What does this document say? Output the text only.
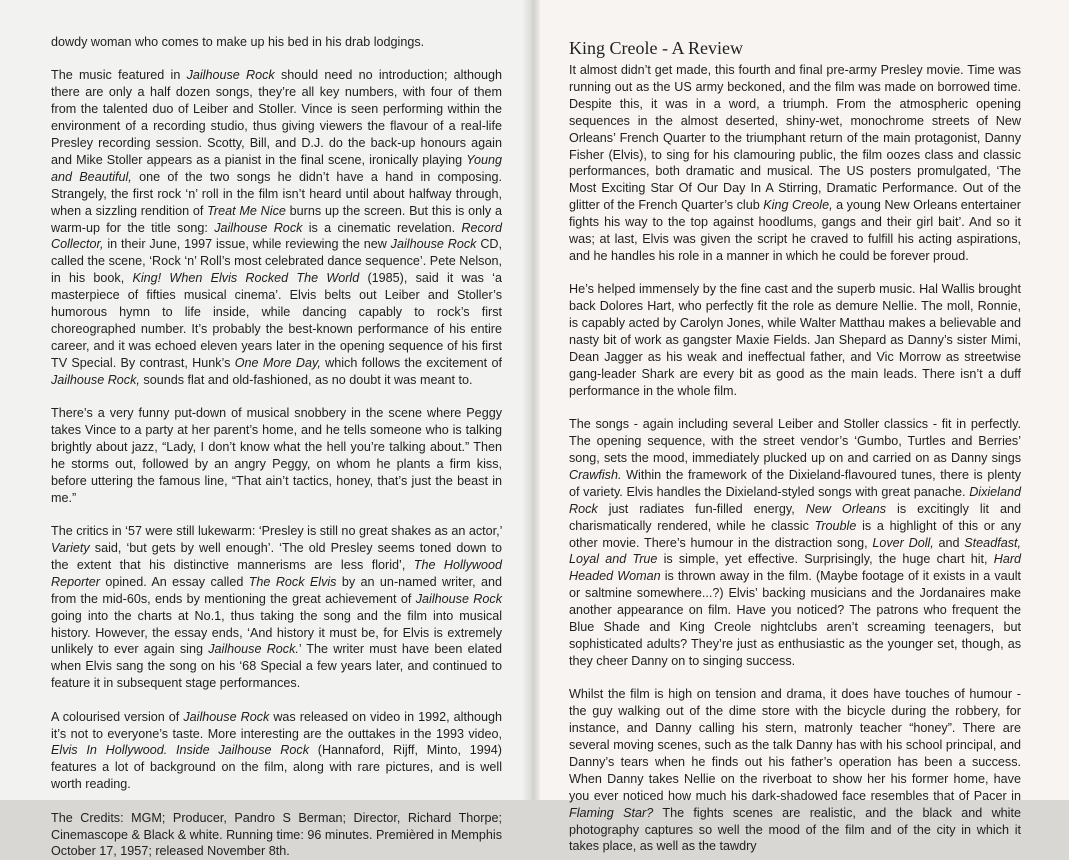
dowdy woman who comes to make up his bed in his drab lodgings.

The music featured in Jailhouse Rock should need no introduction; although there are only a half dozen songs, they’re all key numbers, with four of them from the talented duo of Leiber and Stoller. Vince is seen performing within the environment of a recording studio, thus giving viewers the flavour of a real-life Presley recording session. Scotty, Bill, and D.J. do the back-up honours again and Mike Stoller appears as a pianist in the final scene, ironically playing Young and Beautiful, one of the two songs he didn’t have a hand in composing. Strangely, the first rock ‘n’ roll in the film isn’t heard until about halfway through, when a sizzling rendition of Treat Me Nice burns up the screen. But this is only a warm-up for the title song: Jailhouse Rock is a cinematic revelation. Record Collector, in their June, 1997 issue, while reviewing the new Jailhouse Rock CD, called the scene, ‘Rock ‘n’ Roll’s most celebrated dance sequence’. Pete Nelson, in his book, King! When Elvis Rocked The World (1985), said it was ‘a masterpiece of fifties musical cinema’. Elvis belts out Leiber and Stoller’s humorous hymn to life inside, while dancing capably to rock’s first choreographed number. It’s probably the best-known performance of his entire career, and it was echoed eleven years later in the opening sequence of his first TV Special. By contrast, Hunk’s One More Day, which follows the excitement of Jailhouse Rock, sounds flat and old-fashioned, as no doubt it was meant to.

There’s a very funny put-down of musical snobbery in the scene where Peggy takes Vince to a party at her parent’s home, and he tells someone who is talking brightly about jazz, “Lady, I don’t know what the hell you’re talking about.” Then he storms out, followed by an angry Peggy, on whom he plants a firm kiss, before uttering the famous line, “That ain’t tactics, honey, that’s just the beast in me.”

The critics in ‘57 were still lukewarm: ‘Presley is still no great shakes as an actor,’ Variety said, ‘but gets by well enough’. ‘The old Presley seems toned down to the extent that his distinctive mannerisms are less florid’, The Hollywood Reporter opined. An essay called The Rock Elvis by an un-named writer, and from the mid-60s, ends by mentioning the great achievement of Jailhouse Rock going into the charts at No.1, thus taking the song and the film into musical history. However, the essay ends, ‘And history it must be, for Elvis is extremely unlikely to ever again sing Jailhouse Rock.’ The writer must have been elated when Elvis sang the song on his ‘68 Special a few years later, and continued to feature it in subsequent stage performances.

A colourised version of Jailhouse Rock was released on video in 1992, although it’s not to everyone’s taste. More interesting are the outtakes in the 1993 video, Elvis In Hollywood. Inside Jailhouse Rock (Hannaford, Rijff, Minto, 1994) features a lot of background on the film, along with rare pictures, and is well worth reading.

The Credits: MGM; Producer, Pandro S Berman; Director, Richard Thorpe; Cinemascope & Black & white. Running time: 96 minutes. Premièred in Memphis October 17, 1957; released November 8th.

King Creole - A Review

It almost didn’t get made, this fourth and final pre-army Presley movie. Time was running out as the US army beckoned, and the film was made on borrowed time. Despite this, it was in a word, a triumph. From the atmospheric opening sequences in the almost deserted, shiny-wet, monochrome streets of New Orleans’ French Quarter to the triumphant return of the main protagonist, Danny Fisher (Elvis), to sing for his clamouring public, the film oozes class and classic performances, both dramatic and musical. The US posters promulgated, ‘The Most Exciting Star Of Our Day In A Stirring, Dramatic Performance. Out of the glitter of the French Quarter’s club King Creole, a young New Orleans entertainer fights his way to the top against hoodlums, gangs and their girl bait’. And so it was; at last, Elvis was given the script he craved to fulfill his acting aspirations, and he handles his role in a manner in which he could be forever proud.

He’s helped immensely by the fine cast and the superb music. Hal Wallis brought back Dolores Hart, who perfectly fit the role as demure Nellie. The moll, Ronnie, is capably acted by Carolyn Jones, while Walter Matthau makes a believable and nasty bit of work as gangster Maxie Fields. Jan Shepard as Danny’s sister Mimi, Dean Jagger as his weak and ineffectual father, and Vic Morrow as streetwise gang-leader Shark are every bit as good as the main leads. There isn’t a duff performance in the whole film.

The songs - again including several Leiber and Stoller classics - fit in perfectly. The opening sequence, with the street vendor’s ‘Gumbo, Turtles and Berries’ song, sets the mood, immediately plucked up on and carried on as Danny sings Crawfish. Within the framework of the Dixieland-flavoured tunes, there is plenty of variety. Elvis handles the Dixieland-styled songs with great panache. Dixieland Rock just radiates fun-filled energy, New Orleans is excitingly lit and charismatically rendered, while he classic Trouble is a highlight of this or any other movie. There’s humour in the distraction song, Lover Doll, and Steadfast, Loyal and True is simple, yet effective. Surprisingly, the huge chart hit, Hard Headed Woman is thrown away in the film. (Maybe footage of it exists in a vault or saltmine somewhere...?) Elvis’ backing musicians and the Jordanaires make another appearance on film. Have you noticed? The patrons who frequent the Blue Shade and King Creole nightclubs aren’t screaming teenagers, but sophisticated adults? They’re just as enthusiastic as the younger set, though, as they cheer Danny on to singing success.

Whilst the film is high on tension and drama, it does have touches of humour - the guy walking out of the dime store with the bicycle during the robbery, for instance, and Danny calling his stern, matronly teacher “honey”. There are several moving scenes, such as the talk Danny has with his school principal, and Danny’s tears when he finds out his father’s operation has been a success. When Danny takes Nellie on the riverboat to show her his former home, have you ever noticed how much his dark-shadowed face resembles that of Pacer in Flaming Star? The fights scenes are realistic, and the black and white photography captures so well the mood of the film and of the city in which it takes place, as well as the tawdry
